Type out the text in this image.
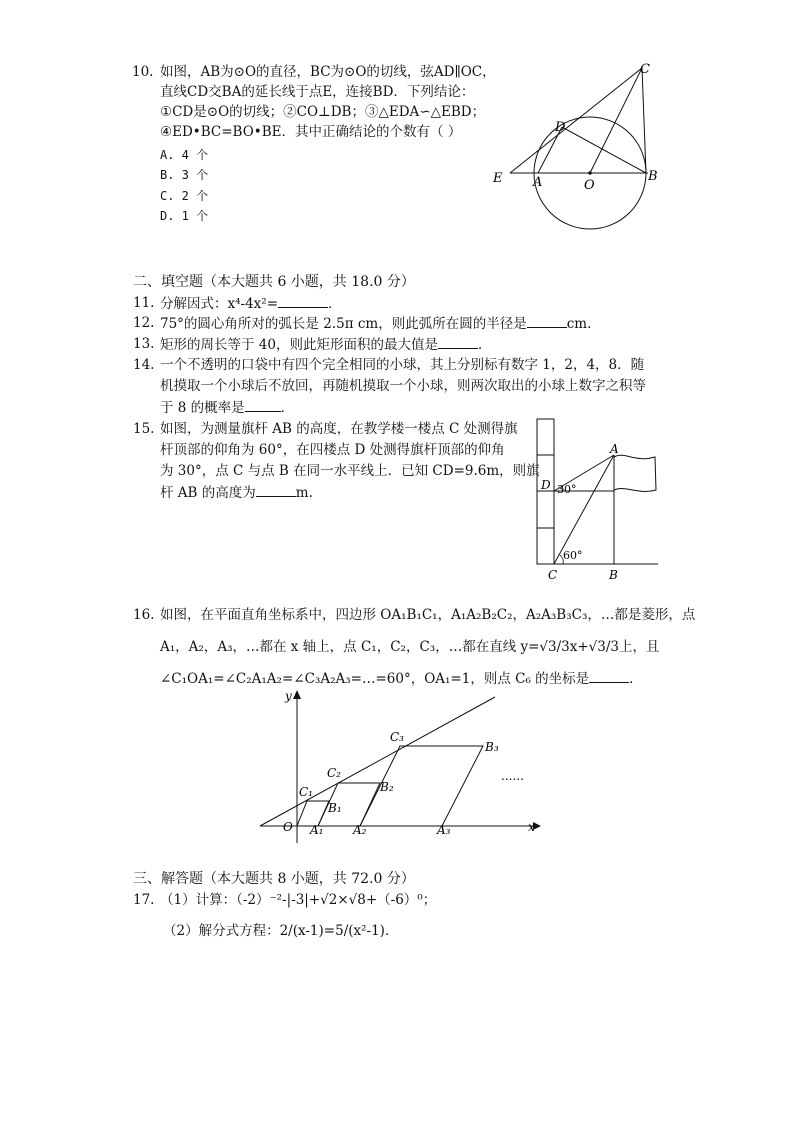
10. 如图，AB为⊙O的直径，BC为⊙O的切线，弦AD∥OC，
直线CD交BA的延长线于点E，连接BD．下列结论：
①CD是⊙O的切线；②CO⊥DB；③△EDA∽△EBD；
④ED•BC=BO•BE．其中正确结论的个数有（ ）
A. 4 个
B. 3 个
C. 2 个
D. 1 个
C
D
E A	O
B
二、填空题（本大题共 6 小题，共 18.0 分）
11. 分解因式：x⁴-4x²=	．
12. 75°的圆心角所对的弧长是 2.5π cm，则此弧所在圆的半径是	cm.
13. 矩形的周长等于 40，则此矩形面积的最大值是	．
14. 一个不透明的口袋中有四个完全相同的小球，其上分别标有数字 1，2，4，8．随
机摸取一个小球后不放回，再随机摸取一个小球，则两次取出的小球上数字之积等
于 8 的概率是	．
15. 如图，为测量旗杆 AB 的高度，在教学楼一楼点 C 处测得旗
杆顶部的仰角为 60°，在四楼点 D 处测得旗杆顶部的仰角
为 30°，点 C 与点 B 在同一水平线上．已知 CD=9.6m，则旗
杆 AB 的高度为	m.
A
D 30°
60°
C	B
16. 如图，在平面直角坐标系中，四边形 OA₁B₁C₁，A₁A₂B₂C₂，A₂A₃B₃C₃，…都是菱形，点
A₁，A₂，A₃，…都在 x 轴上，点 C₁，C₂，C₃，…都在直线 y=√3/3x+√3/3上，且
∠C₁OA₁=∠C₂A₁A₂=∠C₃A₂A₃=…=60°，OA₁=1，则点 C₆ 的坐标是	．
y
x
O A₁ A₂	A₃
B₁
B₂
B₃
C₁
C₂
C₃
......
三、解答题（本大题共 8 小题，共 72.0 分）
17. （1）计算：（-2）⁻²-|-3|+√2×√8+（-6）⁰；
（2）解分式方程：2/(x-1)=5/(x²-1)．
